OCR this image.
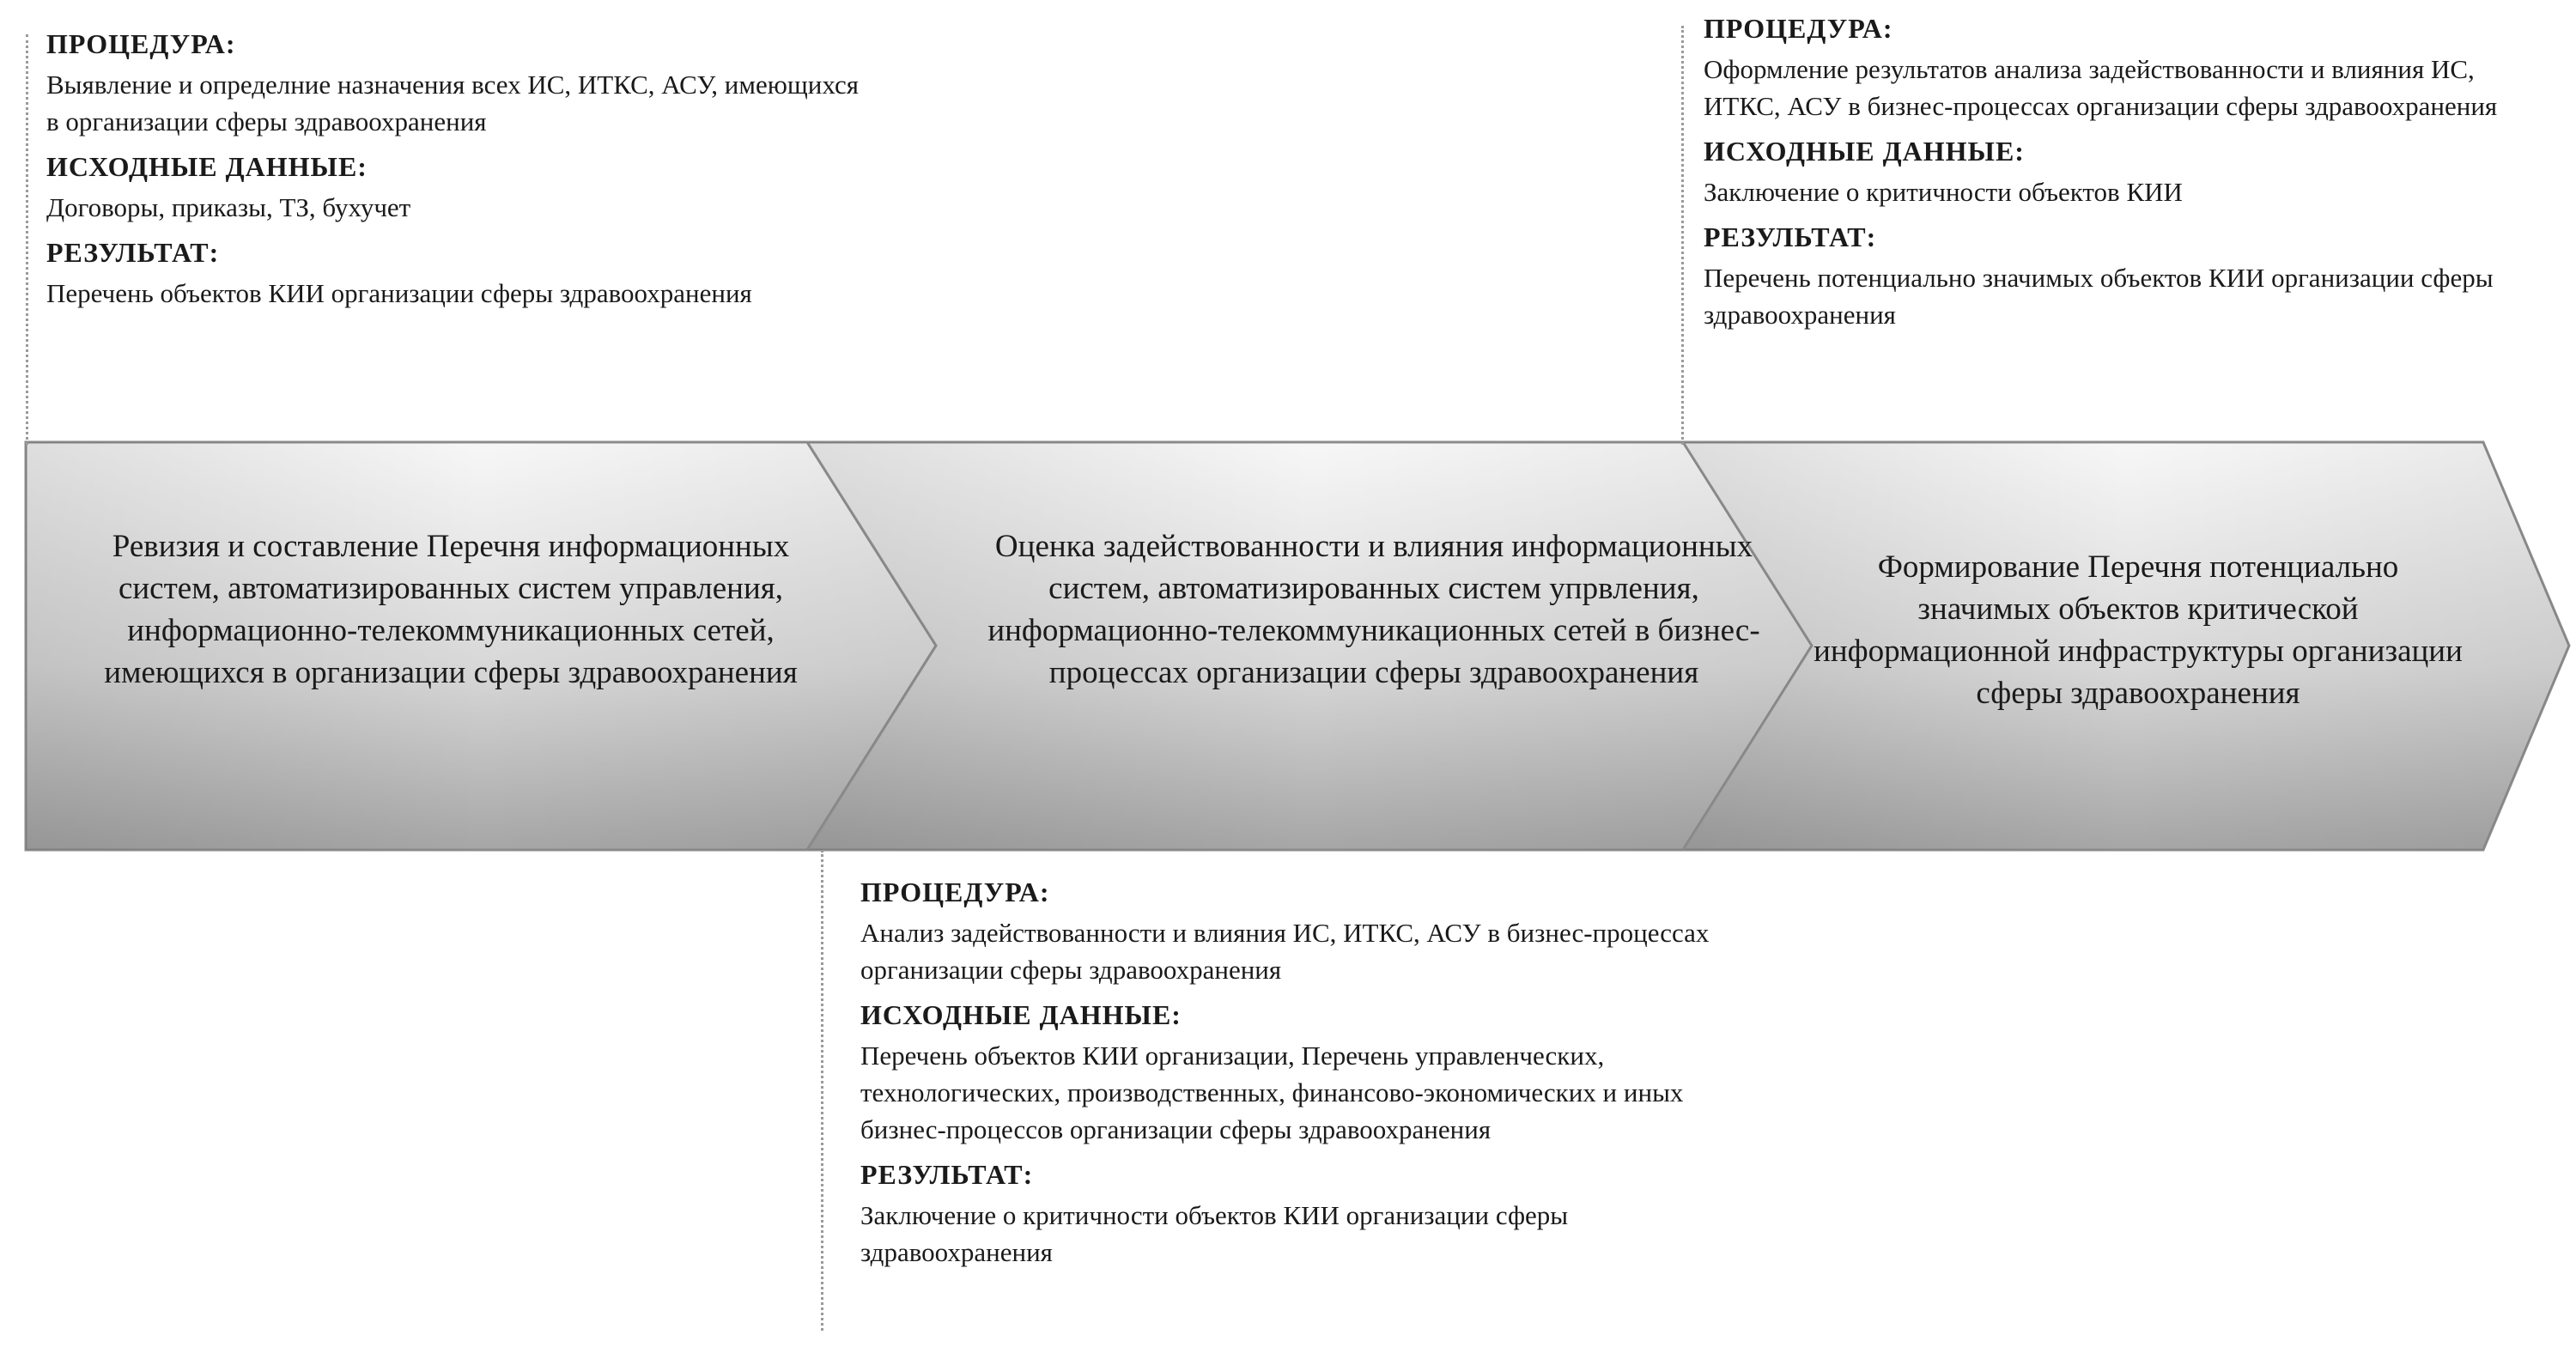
Ревизия и составление Перечня информационных систем, автоматизированных систем управления, информационно-телекоммуникационных сетей, имеющихся в организации сферы здравоохранения
Оценка задействованности и влияния информационных систем, автоматизированных систем упрвления, информационно-телекоммуникационных сетей в бизнес-процессах организации сферы здравоохранения
Формирование Перечня потенциально значимых объектов критической информационной инфраструктуры организации сферы здравоохранения
ПРОЦЕДУРА:
Выявление и определние назначения всех ИС, ИТКС, АСУ, имеющихся в организации сферы здравоохранения
ИСХОДНЫЕ ДАННЫЕ:
Договоры, приказы, ТЗ, бухучет
РЕЗУЛЬТАТ:
Перечень объектов КИИ организации сферы здравоохранения
ПРОЦЕДУРА:
Анализ задействованности и влияния ИС, ИТКС, АСУ в бизнес-процессах организации сферы здравоохранения
ИСХОДНЫЕ ДАННЫЕ:
Перечень объектов КИИ организации, Перечень управленческих, технологических, производственных, финансово-экономических и иных бизнес-процессов организации сферы здравоохранения
РЕЗУЛЬТАТ:
Заключение о критичности объектов КИИ организации сферы здравоохранения
ПРОЦЕДУРА:
Оформление результатов анализа задействованности и влияния ИС, ИТКС, АСУ в бизнес-процессах организации сферы здравоохранения
ИСХОДНЫЕ ДАННЫЕ:
Заключение о критичности объектов КИИ
РЕЗУЛЬТАТ:
Перечень потенциально значимых объектов КИИ организации сферы здравоохранения
